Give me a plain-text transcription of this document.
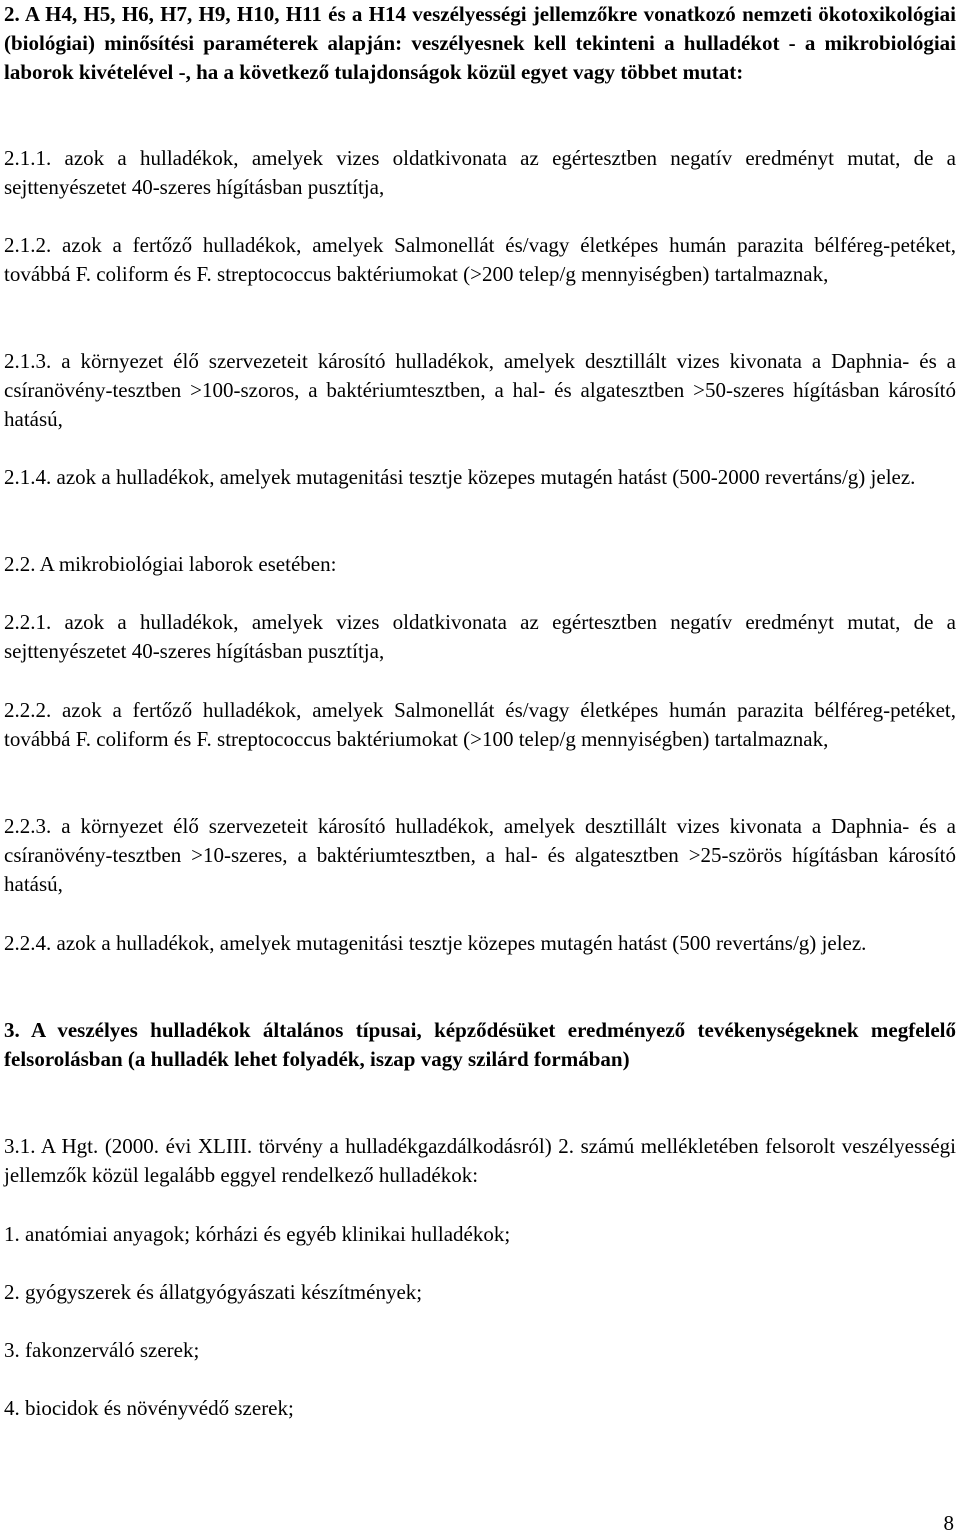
2. A H4, H5, H6, H7, H9, H10, H11 és a H14 veszélyességi jellemzőkre vonatkozó nemzeti ökotoxikológiai (biológiai) minősítési paraméterek alapján: veszélyesnek kell tekinteni a hulladékot - a mikrobiológiai laborok kivételével -, ha a következő tulajdonságok közül egyet vagy többet mutat:

2.1.1. azok a hulladékok, amelyek vizes oldatkivonata az egértesztben negatív eredményt mutat, de a sejttenyészetet 40-szeres hígításban pusztítja,

2.1.2. azok a fertőző hulladékok, amelyek Salmonellát és/vagy életképes humán parazita bélféreg-petéket, továbbá F. coliform és F. streptococcus baktériumokat (>200 telep/g mennyiségben) tartalmaznak,

2.1.3. a környezet élő szervezeteit károsító hulladékok, amelyek desztillált vizes kivonata a Daphnia- és a csíranövény-tesztben >100-szoros, a baktériumtesztben, a hal- és algatesztben >50-szeres hígításban károsító hatású,

2.1.4. azok a hulladékok, amelyek mutagenitási tesztje közepes mutagén hatást (500-2000 revertáns/g) jelez.

2.2. A mikrobiológiai laborok esetében:

2.2.1. azok a hulladékok, amelyek vizes oldatkivonata az egértesztben negatív eredményt mutat, de a sejttenyészetet 40-szeres hígításban pusztítja,

2.2.2. azok a fertőző hulladékok, amelyek Salmonellát és/vagy életképes humán parazita bélféreg-petéket, továbbá F. coliform és F. streptococcus baktériumokat (>100 telep/g mennyiségben) tartalmaznak,

2.2.3. a környezet élő szervezeteit károsító hulladékok, amelyek desztillált vizes kivonata a Daphnia- és a csíranövény-tesztben >10-szeres, a baktériumtesztben, a hal- és algatesztben >25-szörös hígításban károsító hatású,

2.2.4. azok a hulladékok, amelyek mutagenitási tesztje közepes mutagén hatást (500 revertáns/g) jelez.

3. A veszélyes hulladékok általános típusai, képződésüket eredményező tevékenységeknek megfelelő felsorolásban (a hulladék lehet folyadék, iszap vagy szilárd formában)

3.1. A Hgt. (2000. évi XLIII. törvény a hulladékgazdálkodásról) 2. számú mellékletében felsorolt veszélyességi jellemzők közül legalább eggyel rendelkező hulladékok:

1. anatómiai anyagok; kórházi és egyéb klinikai hulladékok;

2. gyógyszerek és állatgyógyászati készítmények;

3. fakonzerváló szerek;

4. biocidok és növényvédő szerek;

8
